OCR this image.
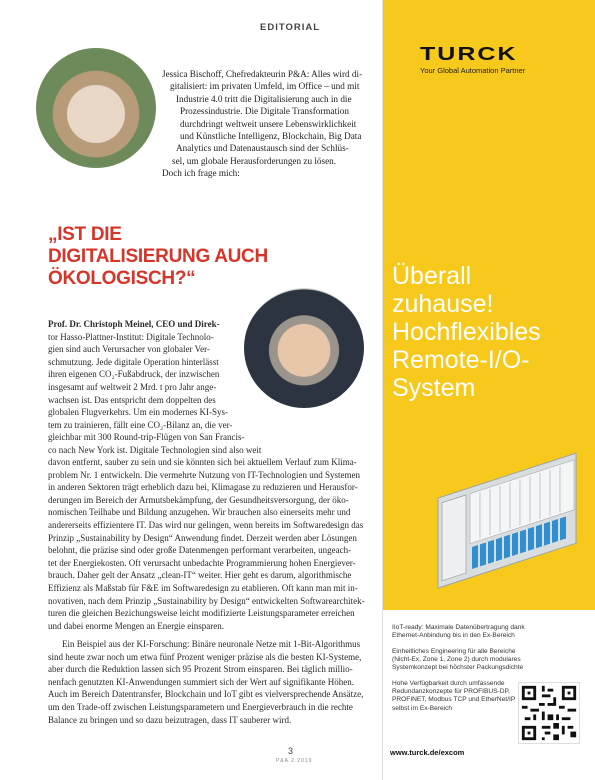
EDITORIAL
Jessica Bischoff, Chefredakteurin P&A: Alles wird di-
gitalisiert: im privaten Umfeld, im Office – und mit
Industrie 4.0 tritt die Digitalisierung auch in die
Prozessindustrie. Die Digitale Transformation
durchdringt weltweit unsere Lebenswirklichkeit
und Künstliche Intelligenz, Blockchain, Big Data
Analytics und Datenaustausch sind der Schlüs-
sel, um globale Herausforderungen zu lösen.
Doch ich frage mich:
„IST DIE DIGITALISIERUNG AUCH ÖKOLOGISCH?“
Prof. Dr. Christoph Meinel, CEO und Direk-
tor Hasso-Plattner-Institut: Digitale Technolo-
gien sind auch Verursacher von globaler Ver-
schmutzung. Jede digitale Operation hinterlässt
ihren eigenen CO₂-Fußabdruck, der inzwischen
insgesamt auf weltweit 2 Mrd. t pro Jahr ange-
wachsen ist. Das entspricht dem doppelten des
globalen Flugverkehrs. Um ein modernes KI-Sys-
tem zu trainieren, fällt eine CO₂-Bilanz an, die ver-
gleichbar mit 300 Round-trip-Flügen von San Francis-
co nach New York ist. Digitale Technologien sind also weit
davon entfernt, sauber zu sein und sie könnten sich bei aktuellem Verlauf zum Klima-
problem Nr. 1 entwickeln. Die vermehrte Nutzung von IT-Technologien und Systemen
in anderen Sektoren trägt erheblich dazu bei, Klimagase zu reduzieren und Herausfor-
derungen im Bereich der Armutsbekämpfung, der Gesundheitsversorgung, der öko-
nomischen Teilhabe und Bildung anzugehen. Wir brauchen also einerseits mehr und
andererseits effizientere IT. Das wird nur gelingen, wenn bereits im Softwaredesign das
Prinzip „Sustainability by Design“ Anwendung findet. Derzeit werden aber Lösungen
belohnt, die präzise sind oder große Datenmengen performant verarbeiten, ungeach-
tet der Energiekosten. Oft verursacht unbedachte Programmierung hohen Energiever-
brauch. Daher gelt der Ansatz „clean-IT“ weiter. Hier geht es darum, algorithmische
Effizienz als Maßstab für F&E im Softwaredesign zu etablieren. Oft kann man mit in-
novativen, nach dem Prinzip „Sustainability by Design“ entwickelten Softwarearchitek-
turen die gleichen Bezichungsweise leicht modifizierte Leistungsparameter erreichen
und dabei enorme Mengen an Energie einsparen.
Ein Beispiel aus der KI-Forschung: Binäre neuronale Netze mit 1-Bit-Algorithmus
sind heute zwar noch um etwa fünf Prozent weniger präzise als die besten KI-Systeme,
aber durch die Reduktion lassen sich 95 Prozent Strom einsparen. Bei täglich milliо-
nenfach genutzten KI-Anwendungen summiert sich der Wert auf signifikante Höhen.
Auch im Bereich Datentransfer, Blockchain und IoT gibt es vielversprechende Ansätze,
um den Trade-off zwischen Leistungsparametern und Energieverbrauch in die rechte
Balance zu bringen und so dazu beizutragen, dass IT sauberer wird.
3
P&A 2.2019
TURCK
Your Global Automation Partner
Überall
zuhause!
Hochflexibles
Remote-I/O-
System
IIoT-ready: Maximale Datenübertragung dank
Ethernet-Anbindung bis in den Ex-Bereich
Einheitliches Engineering für alle Bereiche
(Nicht-Ex, Zone 1, Zone 2) durch modulares
Systemkonzept bei höchster Packungsdichte
Hohe Verfügbarkeit durch umfassende
Redundanzkonzepte für PROFIBUS-DP,
PROFINET, Modbus TCP und EtherNet/IP
selbst im Ex-Bereich
www.turck.de/excom
